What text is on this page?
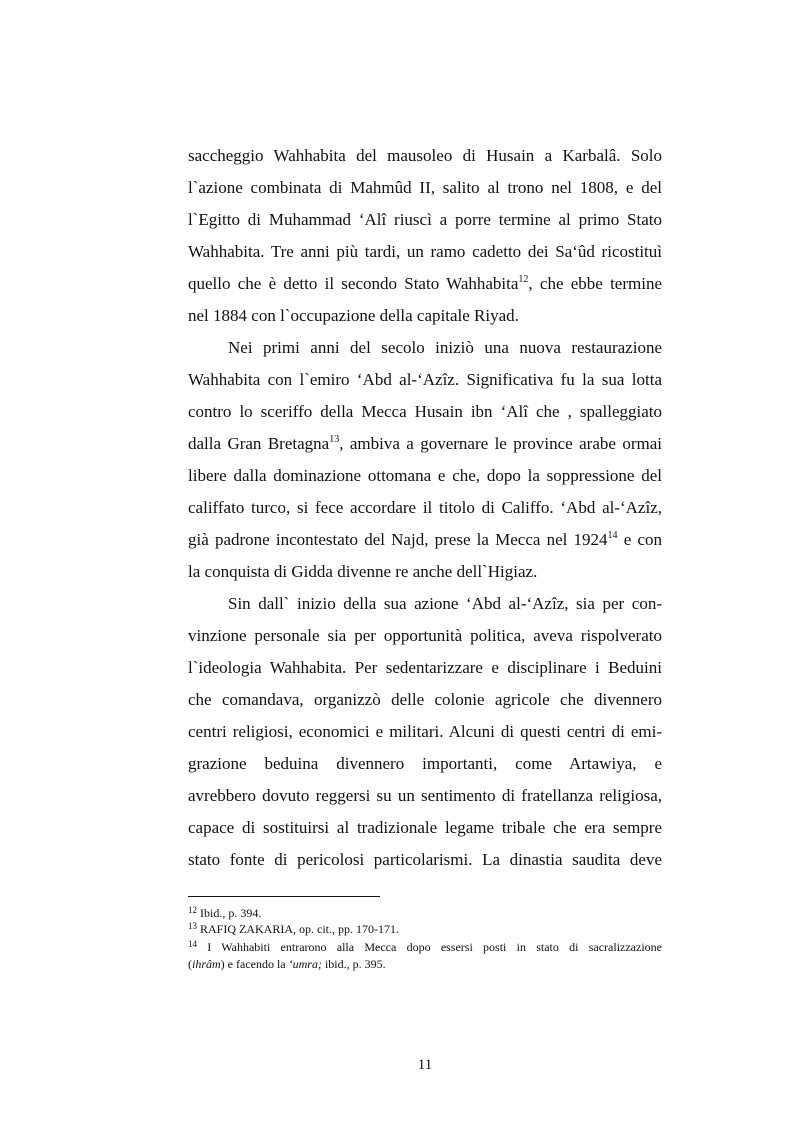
saccheggio Wahhabita del mausoleo di Husain a Karbalâ. Solo
l`azione combinata di Mahmûd II, salito al trono nel 1808, e del
l`Egitto di Muhammad ‘Alî riuscì a porre termine al primo Stato
Wahhabita. Tre anni più tardi, un ramo cadetto dei Sa‘ûd ricostituì
quello che è detto il secondo Stato Wahhabita$^{12}$, che ebbe termine
nel 1884 con l`occupazione della capitale Riyad.
Nei primi anni del secolo iniziò una nuova restaurazione
Wahhabita con l`emiro ‘Abd al-‘Azîz. Significativa fu la sua lotta
contro lo sceriffo della Mecca Husain ibn ‘Alî che , spalleggiato
dalla Gran Bretagna$^{13}$, ambiva a governare le province arabe ormai
libere dalla dominazione ottomana e che, dopo la soppressione del
califfato turco, si fece accordare il titolo di Califfo. ‘Abd al-‘Azîz,
già padrone incontestato del Najd, prese la Mecca nel 1924$^{14}$ e con
la conquista di Gidda divenne re anche dell`Higiaz.
Sin dall` inizio della sua azione ‘Abd al-‘Azîz, sia per con-
vinzione personale sia per opportunità politica, aveva rispolverato
l`ideologia Wahhabita. Per sedentarizzare e disciplinare i Beduini
che comandava, organizzò delle colonie agricole che divennero
centri religiosi, economici e militari. Alcuni di questi centri di emi-
grazione beduina divennero importanti, come Artawiya, e
avrebbero dovuto reggersi su un sentimento di fratellanza religiosa,
capace di sostituirsi al tradizionale legame tribale che era sempre
stato fonte di pericolosi particolarismi. La dinastia saudita deve
$^{12}$ Ibid., p. 394.
$^{13}$ RAFIQ ZAKARIA, op. cit., pp. 170-171.
$^{14}$ I Wahhabiti entrarono alla Mecca dopo essersi posti in stato di sacralizzazione
(ihrâm) e facendo la ‘umra; ibid., p. 395.
11
